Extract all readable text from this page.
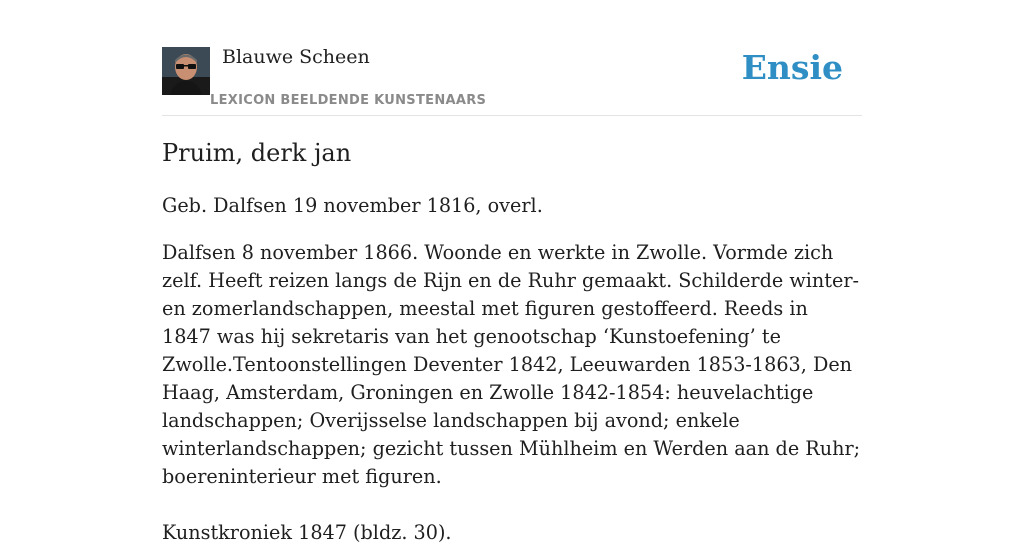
Blauwe Scheen
LEXICON BEELDENDE KUNSTENAARS
Ensie
Pruim, derk jan

Geb. Dalfsen 19 november 1816, overl.

Dalfsen 8 november 1866. Woonde en werkte in Zwolle. Vormde zich zelf. Heeft reizen langs de Rijn en de Ruhr gemaakt. Schilderde winter- en zomerlandschappen, meestal met figuren gestoffeerd. Reeds in 1847 was hij sekretaris van het genootschap ‘Kunstoefening’ te Zwolle.Tentoonstellingen Deventer 1842, Leeuwarden 1853-1863, Den Haag, Amsterdam, Groningen en Zwolle 1842-1854: heuvelachtige landschappen; Overijsselse landschappen bij avond; enkele winterlandschappen; gezicht tussen Mühlheim en Werden aan de Ruhr; boereninterieur met figuren.

Kunstkroniek 1847 (bldz. 30).
